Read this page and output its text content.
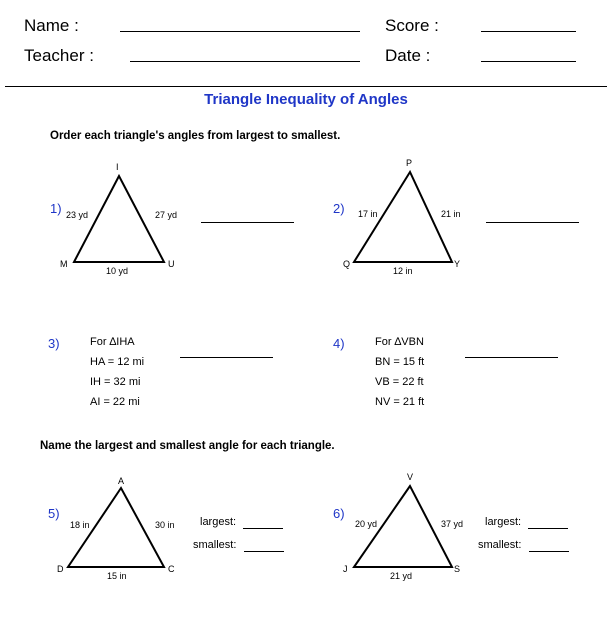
Name :	Score :
Teacher :	Date :
Triangle Inequality of Angles
Order each triangle's angles from largest to smallest.
1)
I
M	U
23 yd	27 yd
10 yd
2)
P
Q	Y
17 in	21 in
12 in
3)	For ∆IHA
HA = 12 mi
IH = 32 mi
AI = 22 mi
4)	For ∆VBN
BN = 15 ft
VB = 22 ft
NV = 21 ft
Name the largest and smallest angle for each triangle.
5)
A
D	C
18 in	30 in
15 in
largest:
smallest:
6)
V
J	S
20 yd	37 yd
21 yd
largest:
smallest:
